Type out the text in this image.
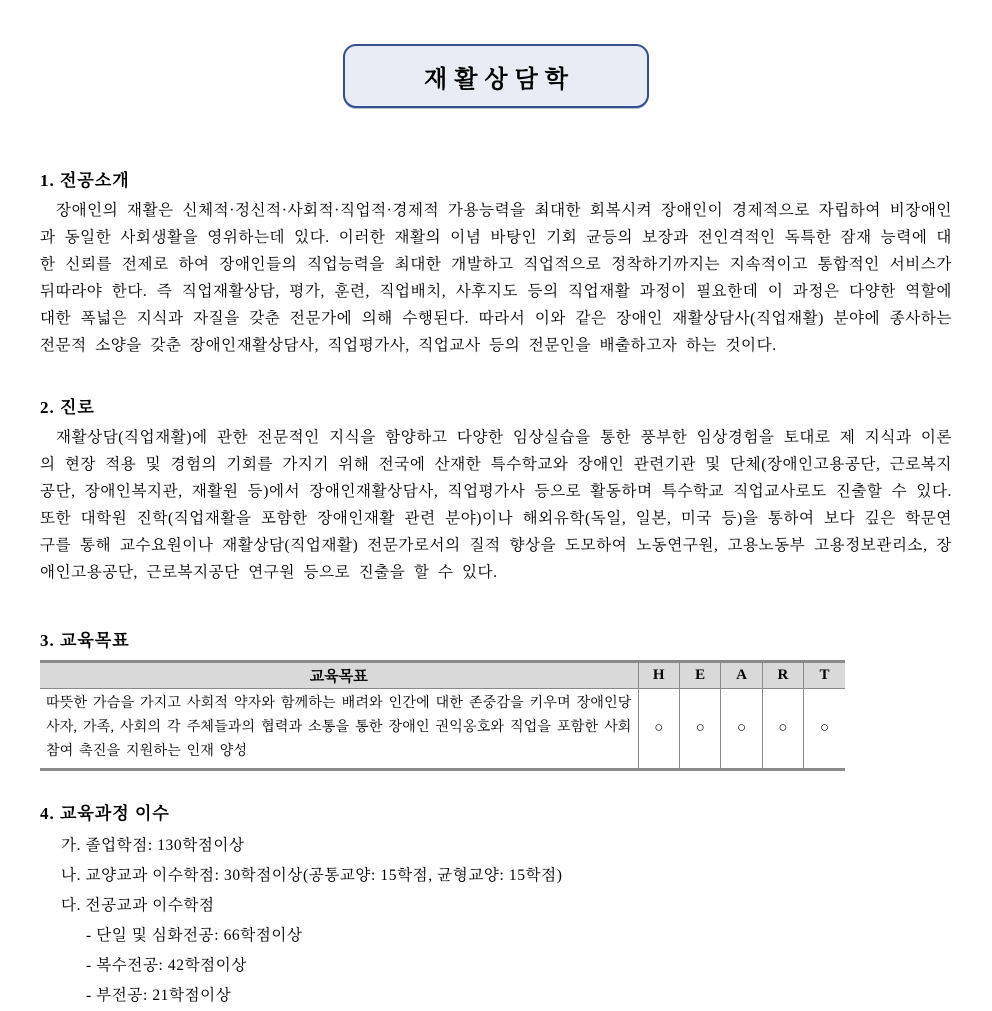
재활상담학
1. 전공소개

장애인의 재활은 신체적·정신적·사회적·직업적·경제적 가용능력을 최대한 회복시켜 장애인이 경제적으로 자립하여 비장애인과 동일한 사회생활을 영위하는데 있다. 이러한 재활의 이념 바탕인 기회 균등의 보장과 전인격적인 독특한 잠재 능력에 대한 신뢰를 전제로 하여 장애인들의 직업능력을 최대한 개발하고 직업적으로 정착하기까지는 지속적이고 통합적인 서비스가 뒤따라야 한다. 즉 직업재활상담, 평가, 훈련, 직업배치, 사후지도 등의 직업재활 과정이 필요한데 이 과정은 다양한 역할에 대한 폭넓은 지식과 자질을 갖춘 전문가에 의해 수행된다. 따라서 이와 같은 장애인 재활상담사(직업재활) 분야에 종사하는 전문적 소양을 갖춘 장애인재활상담사, 직업평가사, 직업교사 등의 전문인을 배출하고자 하는 것이다.

2. 진로

재활상담(직업재활)에 관한 전문적인 지식을 함양하고 다양한 임상실습을 통한 풍부한 임상경험을 토대로 제 지식과 이론의 현장 적용 및 경험의 기회를 가지기 위해 전국에 산재한 특수학교와 장애인 관련기관 및 단체(장애인고용공단, 근로복지공단, 장애인복지관, 재활원 등)에서 장애인재활상담사, 직업평가사 등으로 활동하며 특수학교 직업교사로도 진출할 수 있다. 또한 대학원 진학(직업재활을 포함한 장애인재활 관련 분야)이나 해외유학(독일, 일본, 미국 등)을 통하여 보다 깊은 학문연구를 통해 교수요원이나 재활상담(직업재활) 전문가로서의 질적 향상을 도모하여 노동연구원, 고용노동부 고용정보관리소, 장애인고용공단, 근로복지공단 연구원 등으로 진출을 할 수 있다.

3. 교육목표
교육목표	H	E	A	R	T
따뜻한 가슴을 가지고 사회적 약자와 함께하는 배려와 인간에 대한 존중감을 키우며 장애인당사자, 가족, 사회의 각 주체들과의 협력과 소통을 통한 장애인 권익옹호와 직업을 포함한 사회참여 촉진을 지원하는 인재 양성	○	○	○	○	○
4. 교육과정 이수
가. 졸업학점: 130학점이상
나. 교양교과 이수학점: 30학점이상(공통교양: 15학점, 균형교양: 15학점)
다. 전공교과 이수학점
- 단일 및 심화전공: 66학점이상
- 복수전공: 42학점이상
- 부전공: 21학점이상
